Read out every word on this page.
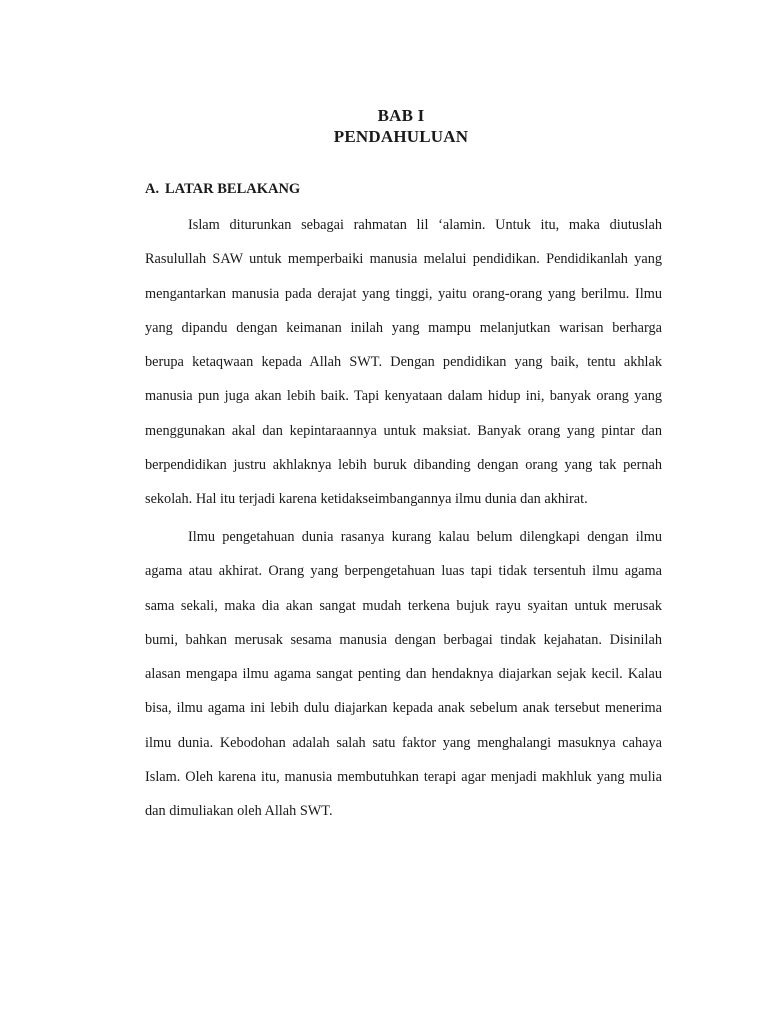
BAB I
PENDAHULUAN
A. LATAR BELAKANG
Islam diturunkan sebagai rahmatan lil ‘alamin. Untuk itu, maka diutuslah
Rasulullah SAW untuk memperbaiki manusia melalui pendidikan. Pendidikanlah yang
mengantarkan manusia pada derajat yang tinggi, yaitu orang-orang yang berilmu. Ilmu
yang dipandu dengan keimanan inilah yang mampu melanjutkan warisan berharga
berupa ketaqwaan kepada Allah SWT. Dengan pendidikan yang baik, tentu akhlak
manusia pun juga akan lebih baik. Tapi kenyataan dalam hidup ini, banyak orang yang
menggunakan akal dan kepintaraannya untuk maksiat. Banyak orang yang pintar dan
berpendidikan justru akhlaknya lebih buruk dibanding dengan orang yang tak pernah
sekolah. Hal itu terjadi karena ketidakseimbangannya ilmu dunia dan akhirat.
Ilmu pengetahuan dunia rasanya kurang kalau belum dilengkapi dengan ilmu
agama atau akhirat. Orang yang berpengetahuan luas tapi tidak tersentuh ilmu agama
sama sekali, maka dia akan sangat mudah terkena bujuk rayu syaitan untuk merusak
bumi, bahkan merusak sesama manusia dengan berbagai tindak kejahatan. Disinilah
alasan mengapa ilmu agama sangat penting dan hendaknya diajarkan sejak kecil. Kalau
bisa, ilmu agama ini lebih dulu diajarkan kepada anak sebelum anak tersebut menerima
ilmu dunia. Kebodohan adalah salah satu faktor yang menghalangi masuknya cahaya
Islam. Oleh karena itu, manusia membutuhkan terapi agar menjadi makhluk yang mulia
dan dimuliakan oleh Allah SWT.
